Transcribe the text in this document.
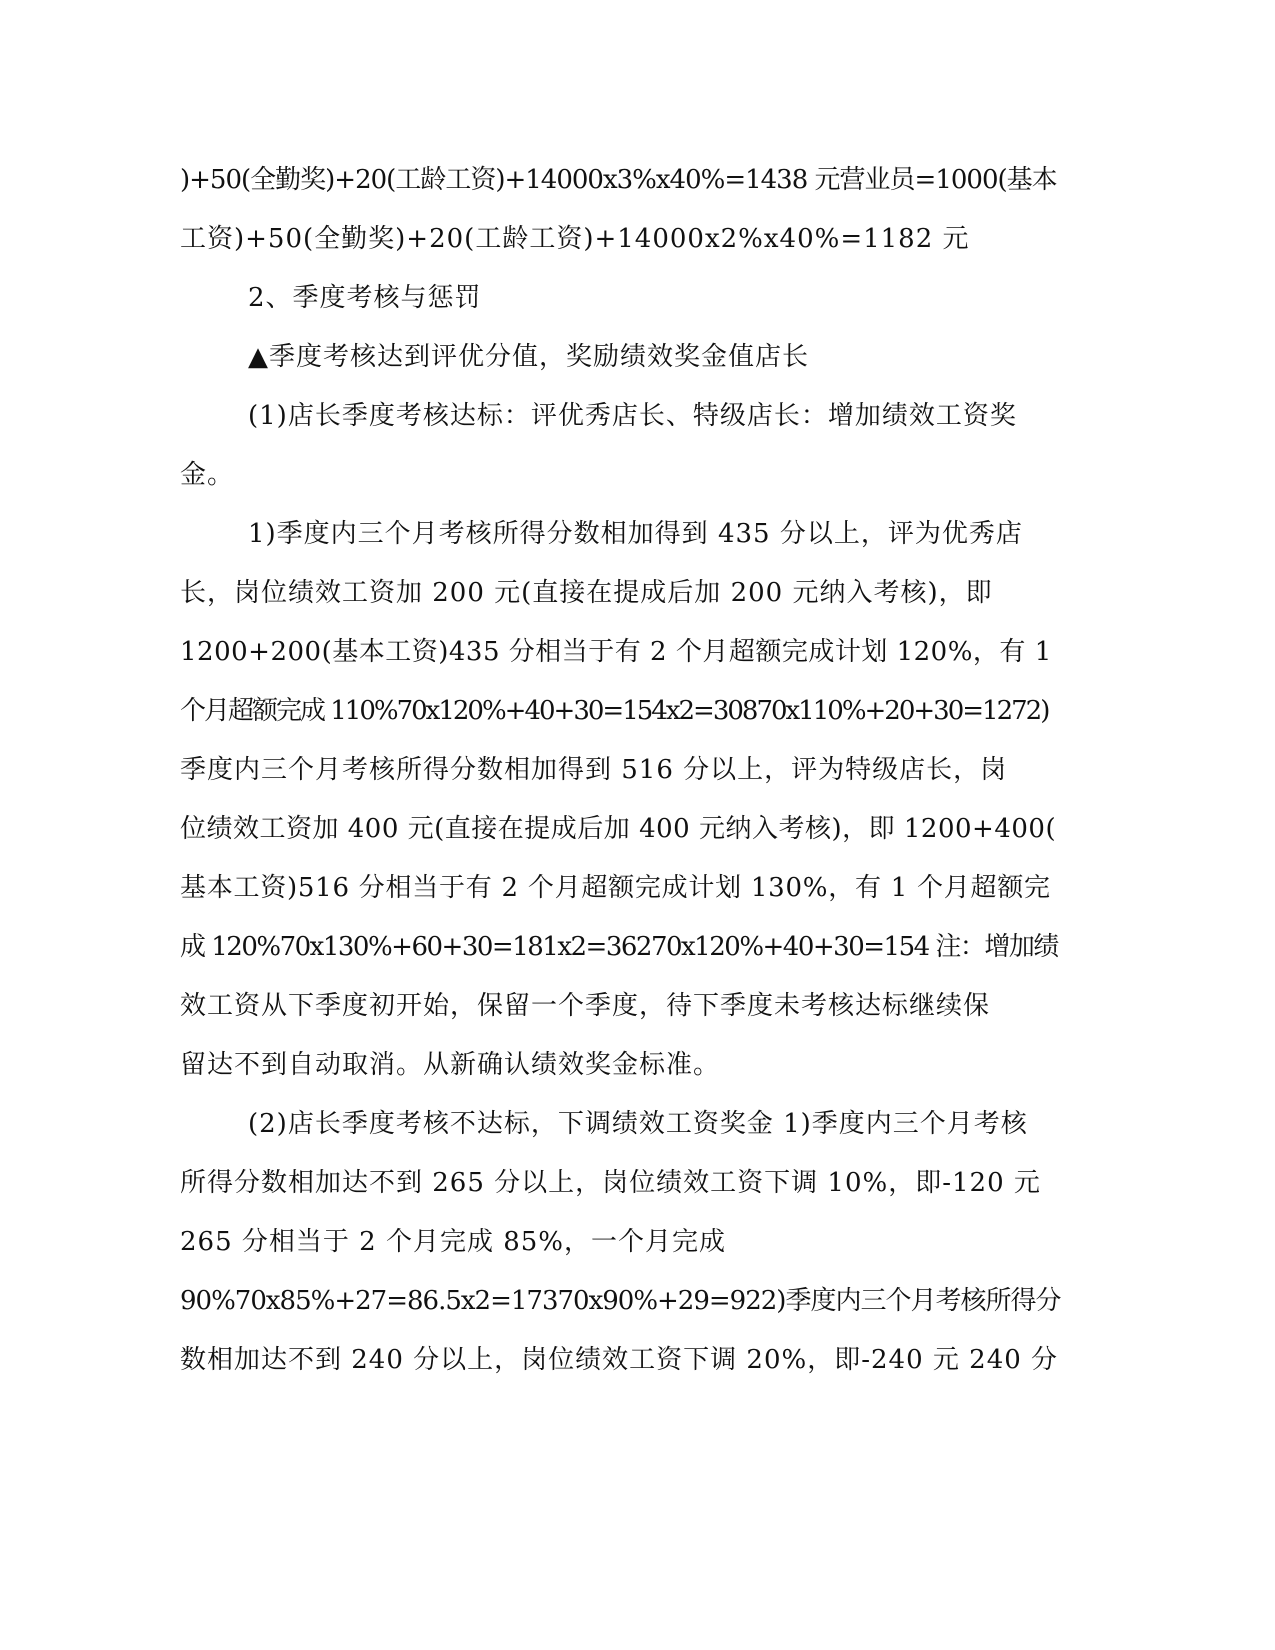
)+50(全勤奖)+20(工龄工资)+14000x3%x40%=1438 元营业员=1000(基本
工资)+50(全勤奖)+20(工龄工资)+14000x2%x40%=1182 元
2、季度考核与惩罚
▲季度考核达到评优分值，奖励绩效奖金值店长
(1)店长季度考核达标：评优秀店长、特级店长：增加绩效工资奖
金。
1)季度内三个月考核所得分数相加得到 435 分以上，评为优秀店
长，岗位绩效工资加 200 元(直接在提成后加 200 元纳入考核)，即
1200+200(基本工资)435 分相当于有 2 个月超额完成计划 120%，有 1
个月超额完成 110%70x120%+40+30=154x2=30870x110%+20+30=1272)
季度内三个月考核所得分数相加得到 516 分以上，评为特级店长，岗
位绩效工资加 400 元(直接在提成后加 400 元纳入考核)，即 1200+400(
基本工资)516 分相当于有 2 个月超额完成计划 130%，有 1 个月超额完
成 120%70x130%+60+30=181x2=36270x120%+40+30=154 注：增加绩
效工资从下季度初开始，保留一个季度，待下季度未考核达标继续保
留达不到自动取消。从新确认绩效奖金标准。
(2)店长季度考核不达标，下调绩效工资奖金 1)季度内三个月考核
所得分数相加达不到 265 分以上，岗位绩效工资下调 10%，即-120 元
265 分相当于 2 个月完成 85%，一个月完成
90%70x85%+27=86.5x2=17370x90%+29=922)季度内三个月考核所得分
数相加达不到 240 分以上，岗位绩效工资下调 20%，即-240 元 240 分
